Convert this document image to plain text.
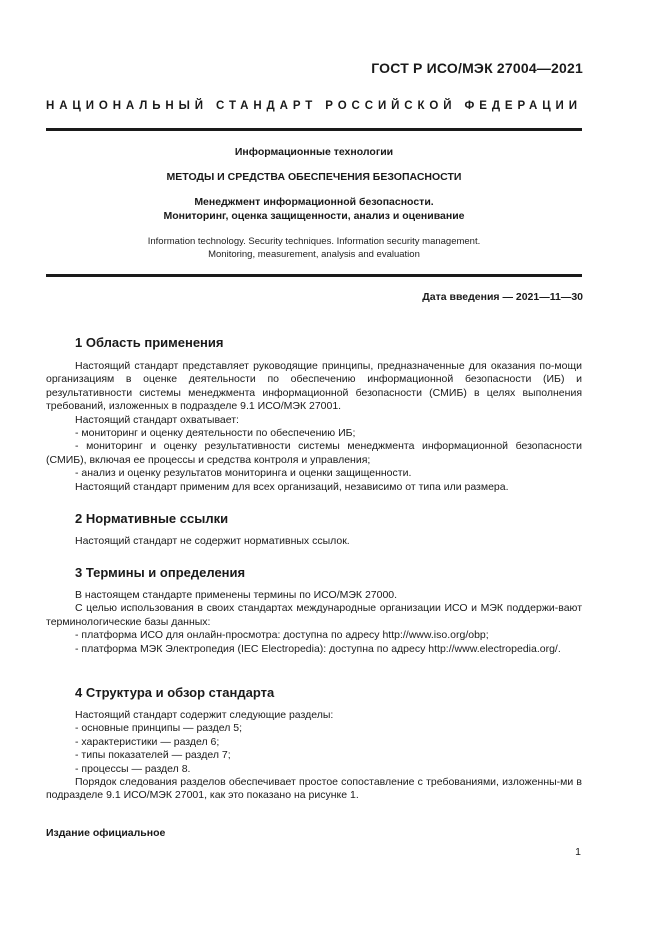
ГОСТ Р ИСО/МЭК 27004—2021
НАЦИОНАЛЬНЫЙ СТАНДАРТ РОССИЙСКОЙ ФЕДЕРАЦИИ
Информационные технологии
МЕТОДЫ И СРЕДСТВА ОБЕСПЕЧЕНИЯ БЕЗОПАСНОСТИ
Менеджмент информационной безопасности.
Мониторинг, оценка защищенности, анализ и оценивание
Information technology. Security techniques. Information security management.
Monitoring, measurement, analysis and evaluation
Дата введения — 2021—11—30
1 Область применения
Настоящий стандарт представляет руководящие принципы, предназначенные для оказания по-мощи организациям в оценке деятельности по обеспечению информационной безопасности (ИБ) и результативности системы менеджмента информационной безопасности (СМИБ) в целях выполнения требований, изложенных в подразделе 9.1 ИСО/МЭК 27001.
Настоящий стандарт охватывает:
- мониторинг и оценку деятельности по обеспечению ИБ;
- мониторинг и оценку результативности системы менеджмента информационной безопасности (СМИБ), включая ее процессы и средства контроля и управления;
- анализ и оценку результатов мониторинга и оценки защищенности.
Настоящий стандарт применим для всех организаций, независимо от типа или размера.
2 Нормативные ссылки
Настоящий стандарт не содержит нормативных ссылок.
3 Термины и определения
В настоящем стандарте применены термины по ИСО/МЭК 27000.
С целью использования в своих стандартах международные организации ИСО и МЭК поддержи-вают терминологические базы данных:
- платформа ИСО для онлайн-просмотра: доступна по адресу http://www.iso.org/obp;
- платформа МЭК Электропедия (IEC Electropedia): доступна по адресу http://www.electropedia.org/.
4 Структура и обзор стандарта
Настоящий стандарт содержит следующие разделы:
- основные принципы — раздел 5;
- характеристики — раздел 6;
- типы показателей — раздел 7;
- процессы — раздел 8.
Порядок следования разделов обеспечивает простое сопоставление с требованиями, изложенны-ми в подразделе 9.1 ИСО/МЭК 27001, как это показано на рисунке 1.
Издание официальное
1
